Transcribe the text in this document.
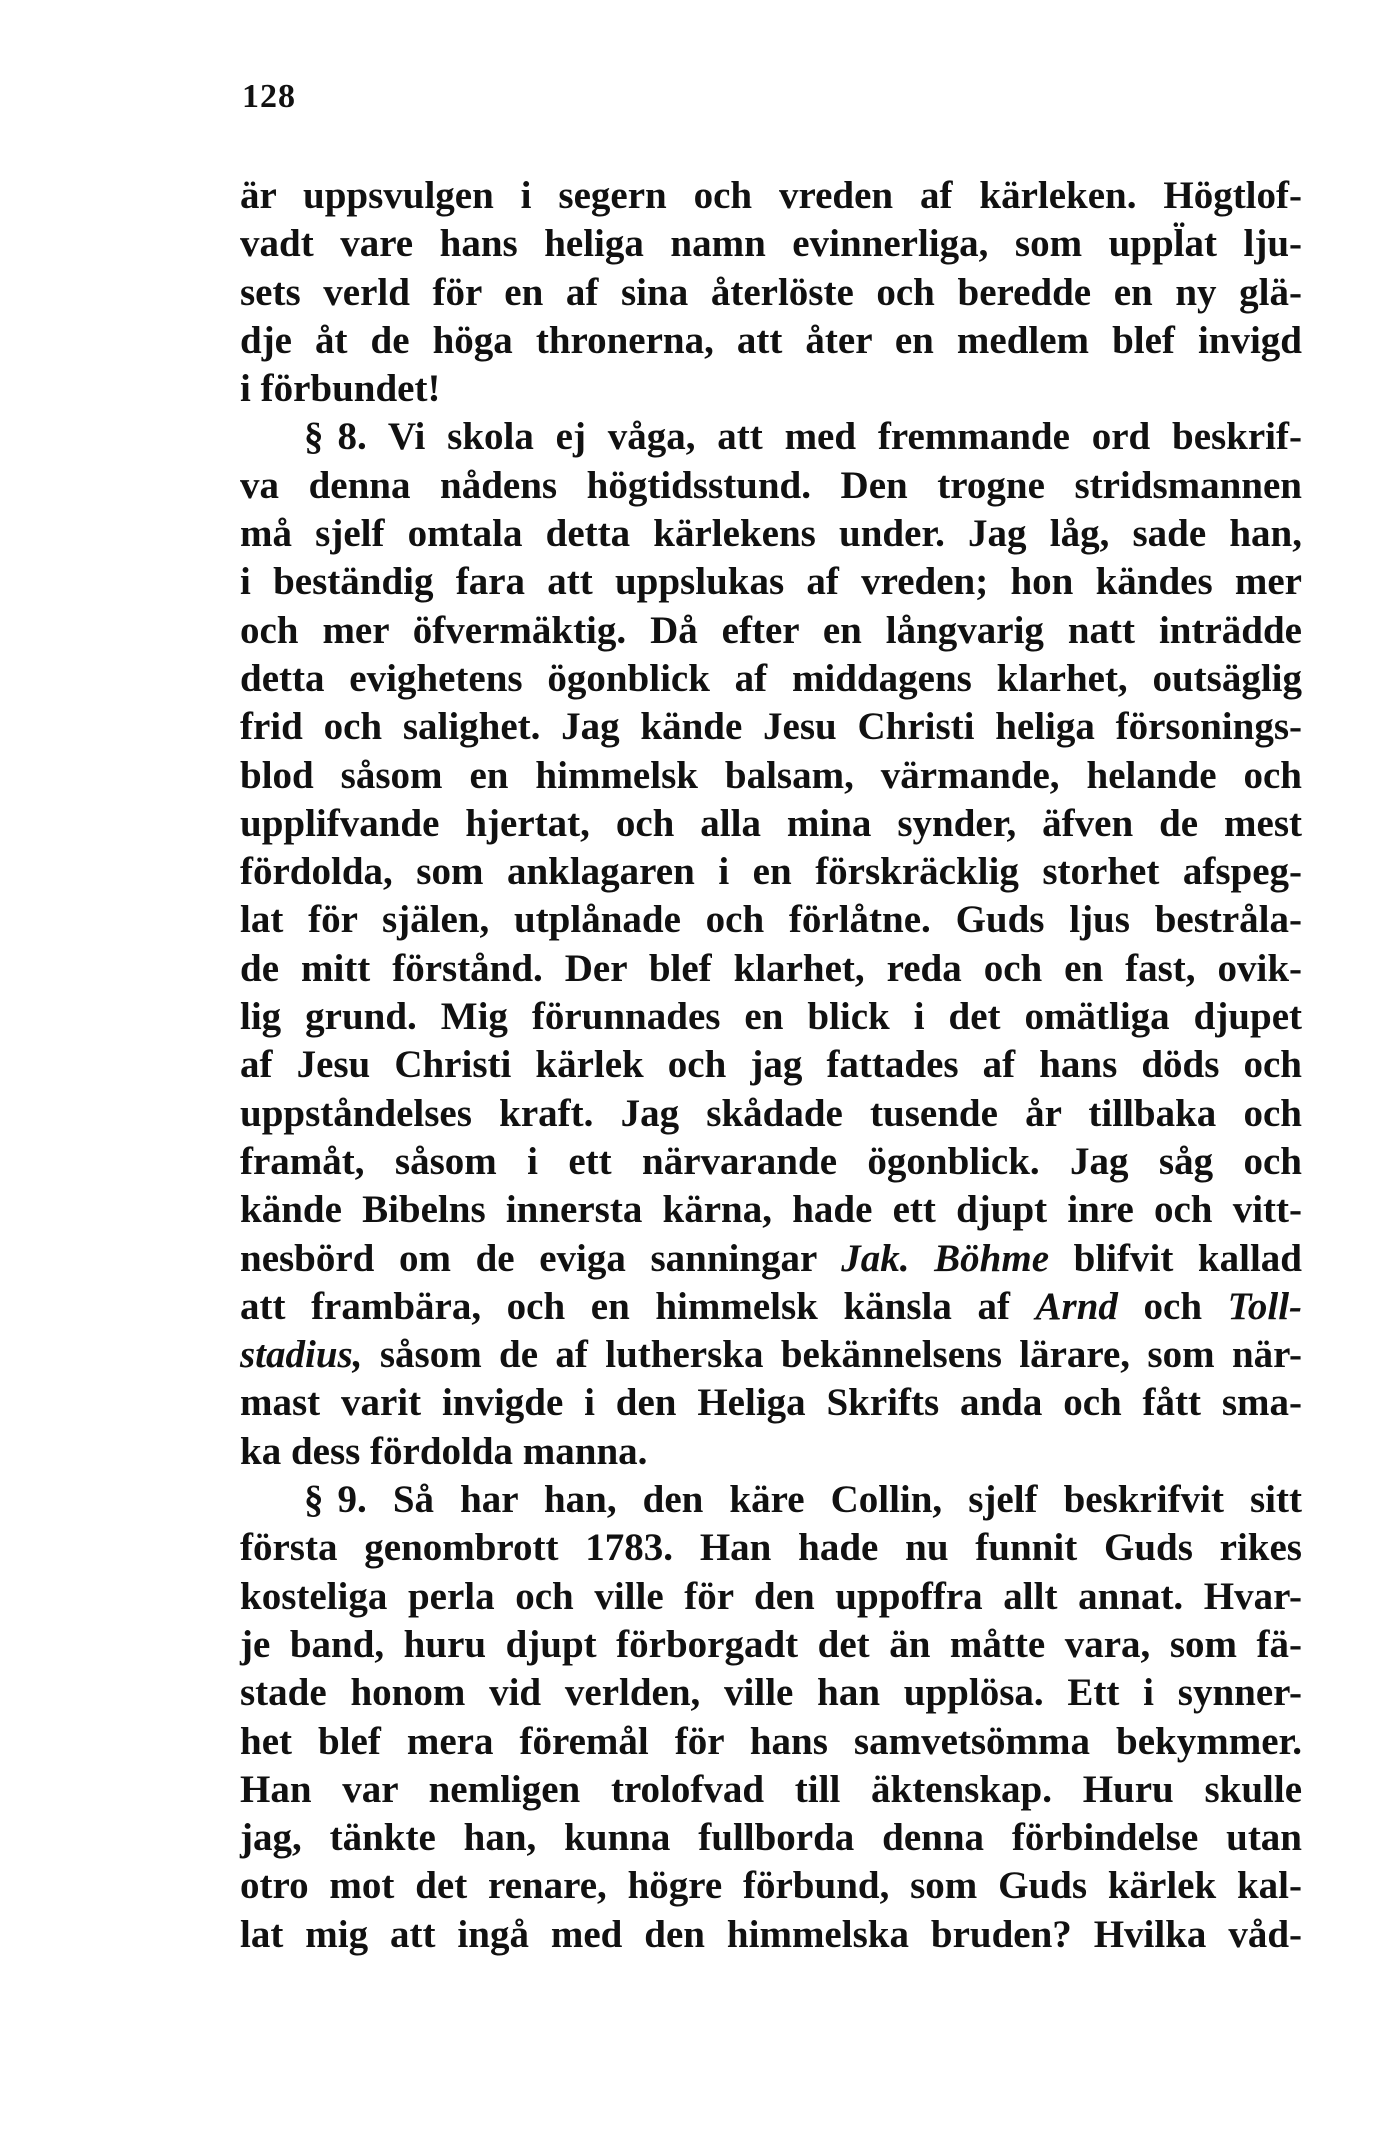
128
är uppsvulgen i segern och vreden af kärleken. Högtlof-
vadt vare hans heliga namn evinnerliga, som uppl̈at lju-
sets verld för en af sina återlöste och beredde en ny glä-
dje åt de höga thronerna, att åter en medlem blef invigd
i förbundet!
§ 8. Vi skola ej våga, att med fremmande ord beskrif-
va denna nådens högtidsstund. Den trogne stridsmannen
må sjelf omtala detta kärlekens under. Jag låg, sade han,
i beständig fara att uppslukas af vreden; hon kändes mer
och mer öfvermäktig. Då efter en långvarig natt inträdde
detta evighetens ögonblick af middagens klarhet, outsäglig
frid och salighet. Jag kände Jesu Christi heliga försonings-
blod såsom en himmelsk balsam, värmande, helande och
upplifvande hjertat, och alla mina synder, äfven de mest
fördolda, som anklagaren i en förskräcklig storhet afspeg-
lat för själen, utplånade och förlåtne. Guds ljus bestråla-
de mitt förstånd. Der blef klarhet, reda och en fast, ovik-
lig grund. Mig förunnades en blick i det omätliga djupet
af Jesu Christi kärlek och jag fattades af hans döds och
uppståndelses kraft. Jag skådade tusende år tillbaka och
framåt, såsom i ett närvarande ögonblick. Jag såg och
kände Bibelns innersta kärna, hade ett djupt inre och vitt-
nesbörd om de eviga sanningar Jak. Böhme blifvit kallad
att frambära, och en himmelsk känsla af Arnd och Toll-
stadius, såsom de af lutherska bekännelsens lärare, som när-
mast varit invigde i den Heliga Skrifts anda och fått sma-
ka dess fördolda manna.
§ 9. Så har han, den käre Collin, sjelf beskrifvit sitt
första genombrott 1783. Han hade nu funnit Guds rikes
kosteliga perla och ville för den uppoffra allt annat. Hvar-
je band, huru djupt förborgadt det än måtte vara, som fä-
stade honom vid verlden, ville han upplösa. Ett i synner-
het blef mera föremål för hans samvetsömma bekymmer.
Han var nemligen trolofvad till äktenskap. Huru skulle
jag, tänkte han, kunna fullborda denna förbindelse utan
otro mot det renare, högre förbund, som Guds kärlek kal-
lat mig att ingå med den himmelska bruden? Hvilka våd-
